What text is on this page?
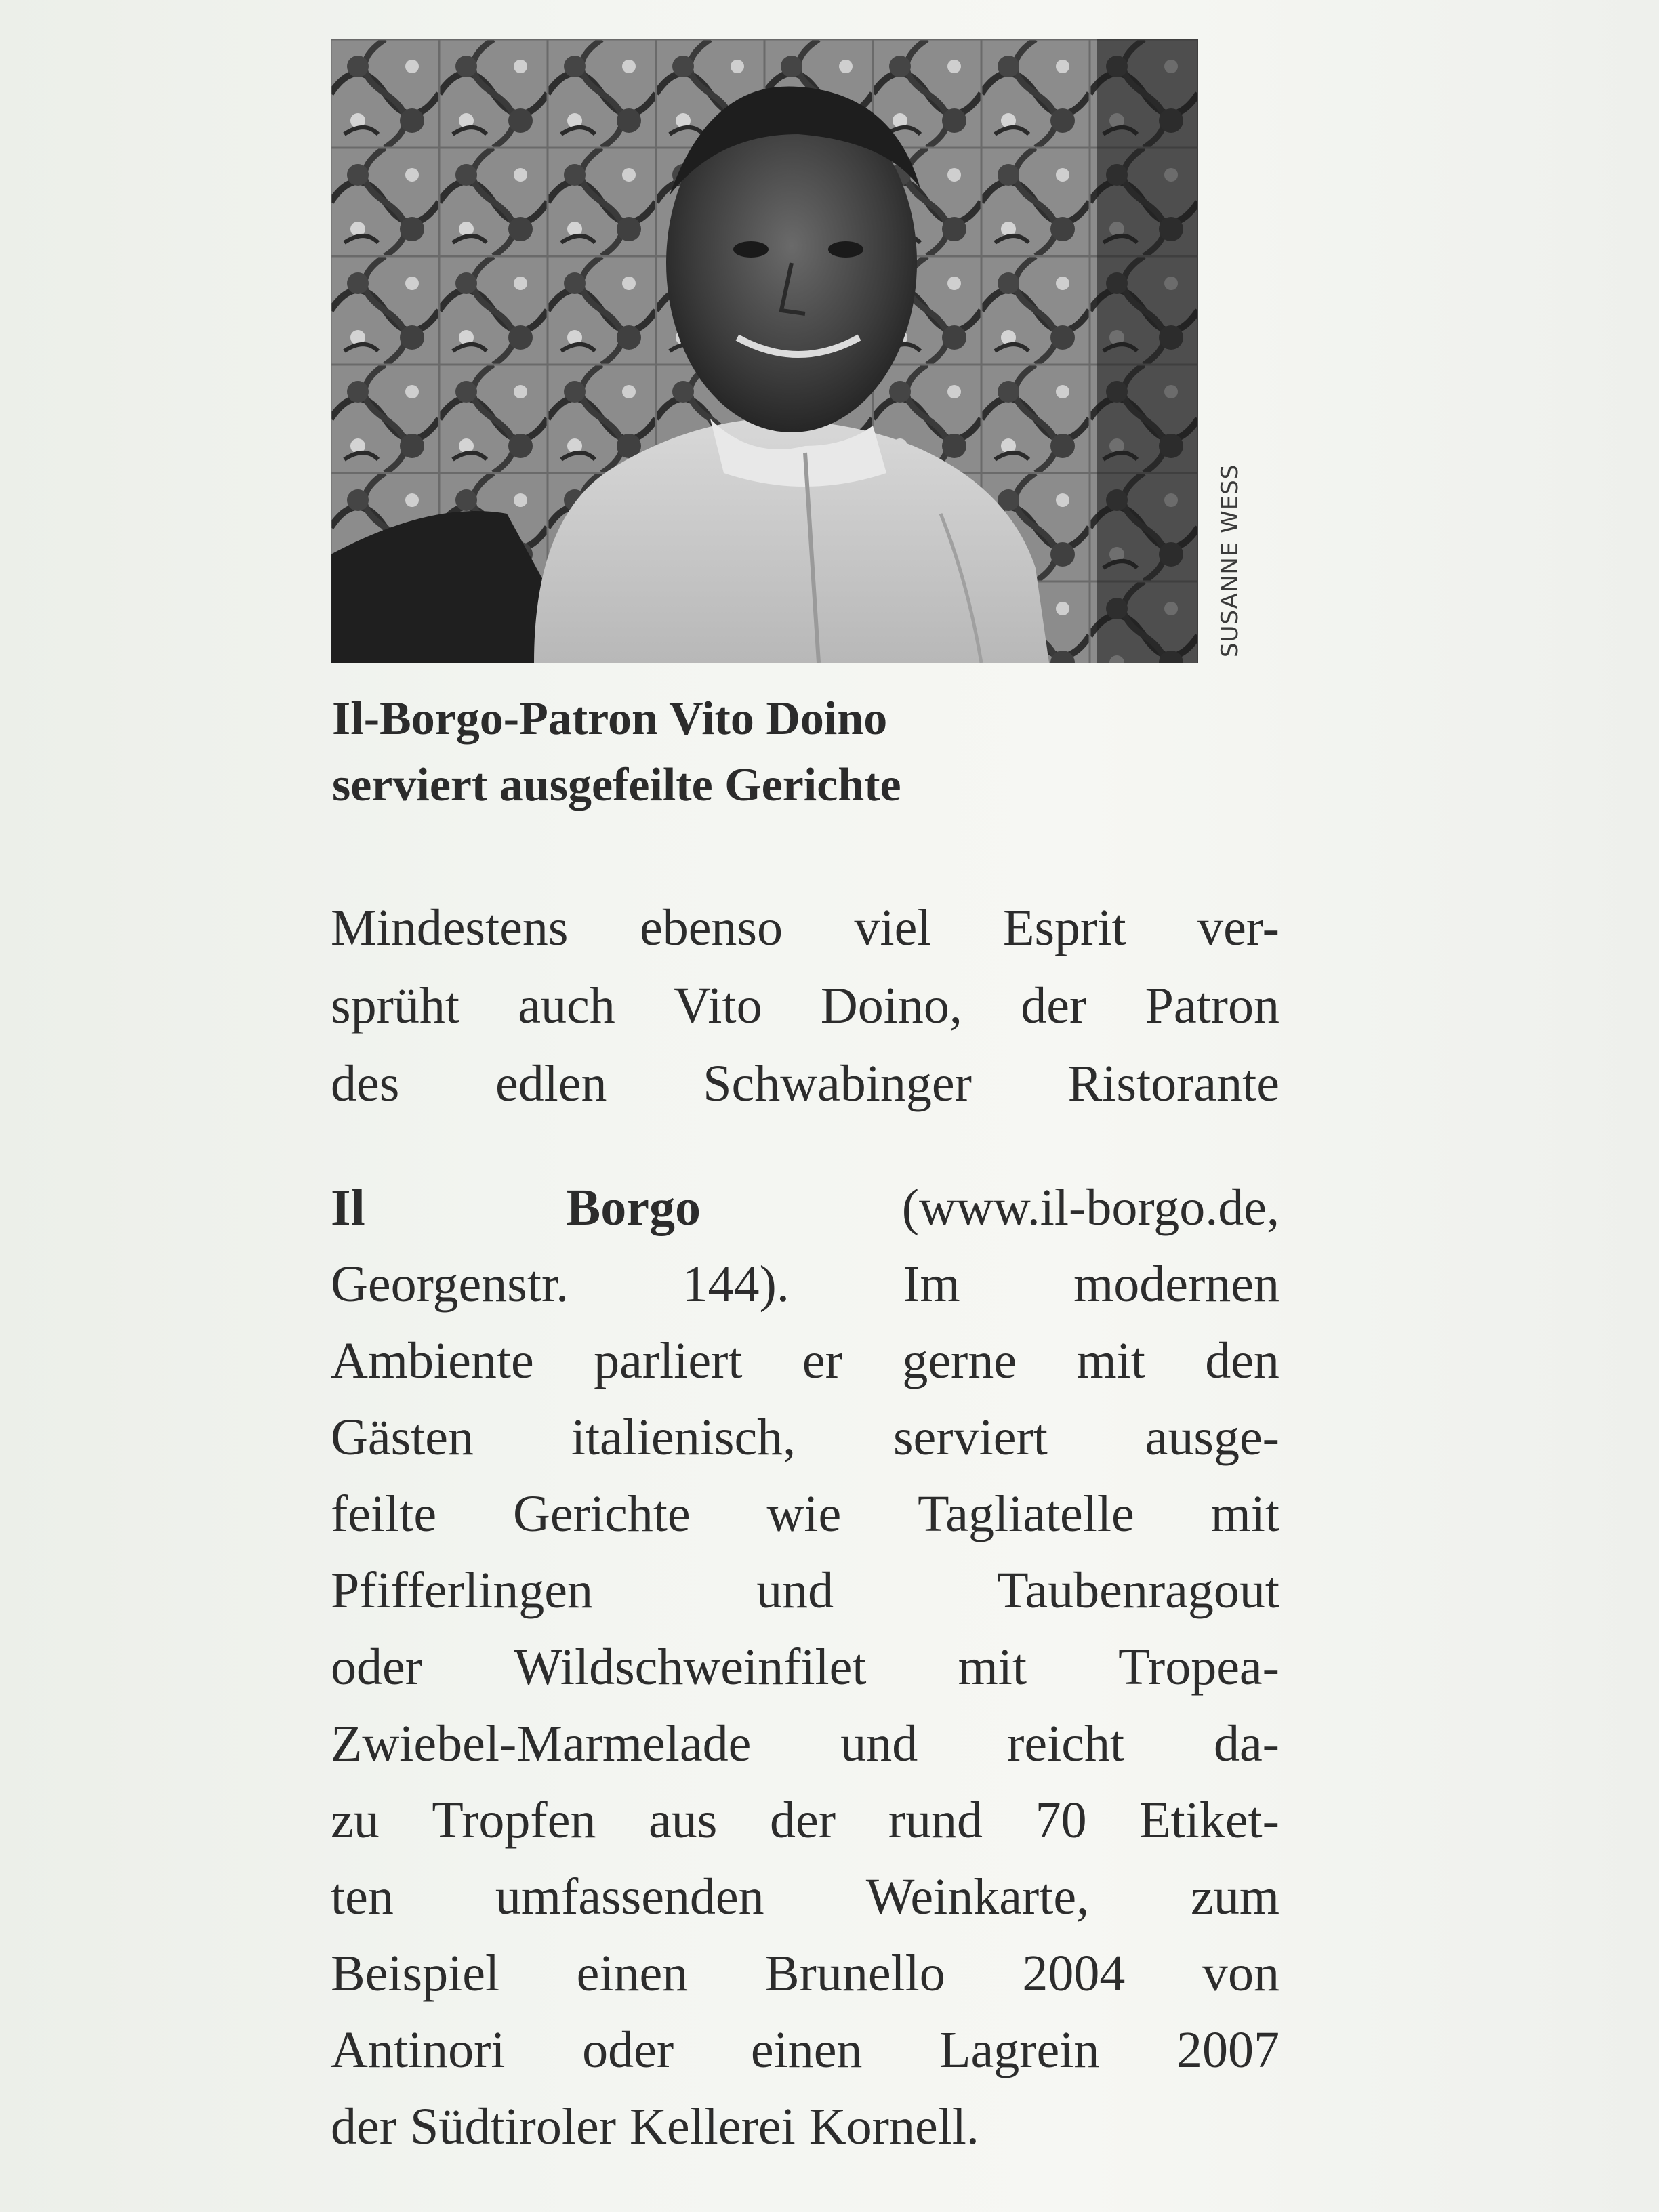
SUSANNE WESS
Il-Borgo-Patron Vito Doino
serviert ausgefeilte Gerichte
Mindestens ebenso viel Esprit ver-
sprüht auch Vito Doino, der Patron
des edlen Schwabinger Ristorante
Il	Borgo	(www.il-borgo.de,
Georgenstr. 144). Im modernen
Ambiente parliert er gerne mit den
Gästen italienisch, serviert ausge-
feilte Gerichte wie Tagliatelle mit
Pfifferlingen	und	Taubenragout
oder Wildschweinfilet mit Tropea-
Zwiebel-Marmelade und reicht da-
zu Tropfen aus der rund 70 Etiket-
ten umfassenden Weinkarte, zum
Beispiel einen Brunello 2004 von
Antinori oder einen Lagrein 2007
der Südtiroler Kellerei Kornell.
